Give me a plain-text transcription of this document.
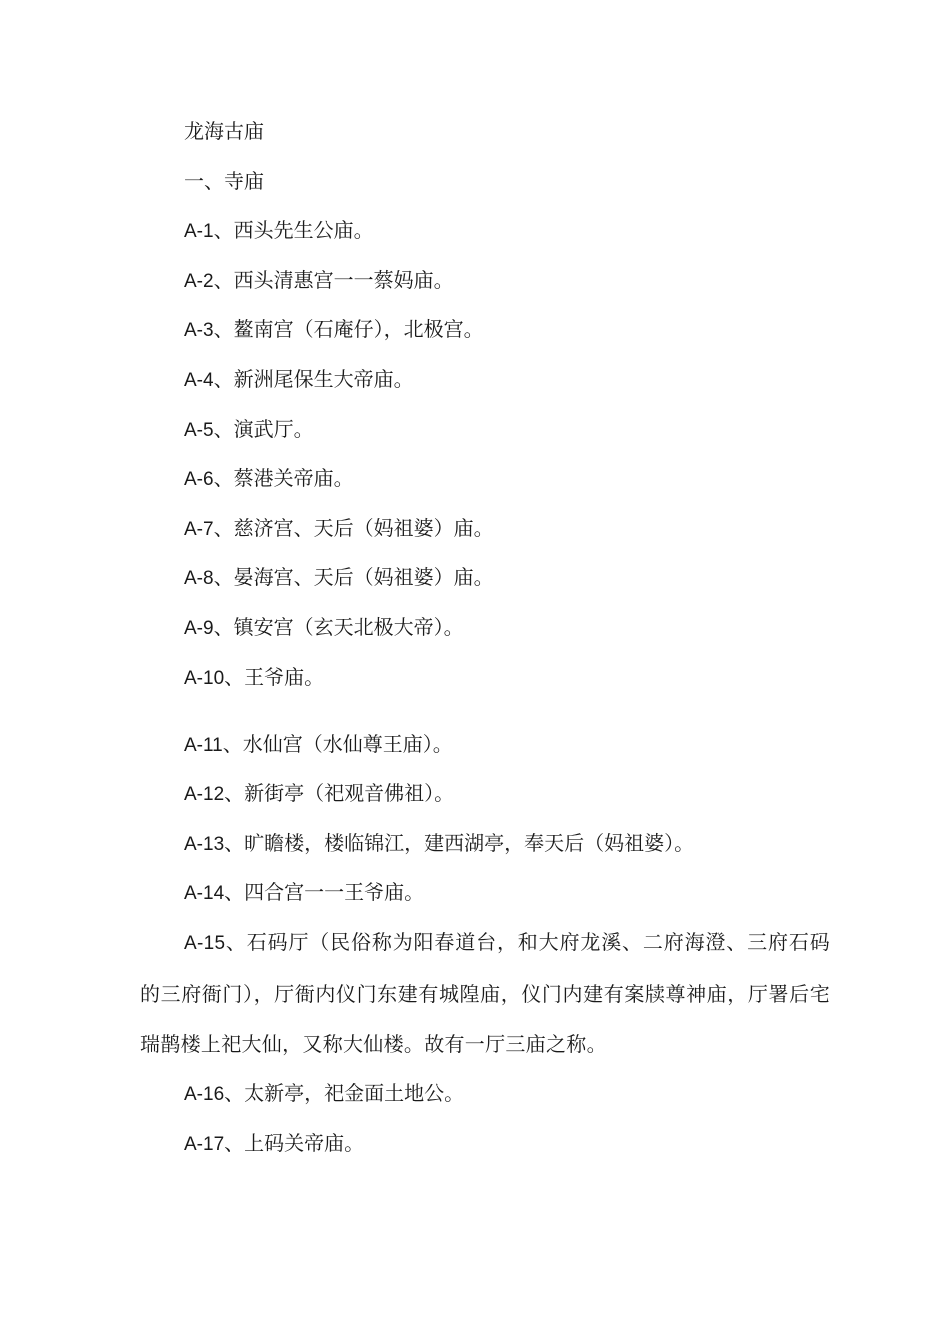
龙海古庙
一、寺庙
A-1、西头先生公庙。
A-2、西头清惠宫一一蔡妈庙。
A-3、鳌南宫（石庵仔），北极宫。
A-4、新洲尾保生大帝庙。
A-5、演武厅。
A-6、蔡港关帝庙。
A-7、慈济宫、天后（妈祖婆）庙。
A-8、晏海宫、天后（妈祖婆）庙。
A-9、镇安宫（玄天北极大帝）。
A-10、王爷庙。
A-11、水仙宫（水仙尊王庙）。
A-12、新街亭（祀观音佛祖）。
A-13、旷瞻楼，楼临锦江，建西湖亭，奉天后（妈祖婆）。
A-14、四合宫一一王爷庙。
A-15、石码厅（民俗称为阳春道台，和大府龙溪、二府海澄、三府石码的三府衙门），厅衙内仪门东建有城隍庙，仪门内建有案牍尊神庙，厅署后宅瑞鹊楼上祀大仙，又称大仙楼。故有一厅三庙之称。
A-16、太新亭，祀金面土地公。
A-17、上码关帝庙。
